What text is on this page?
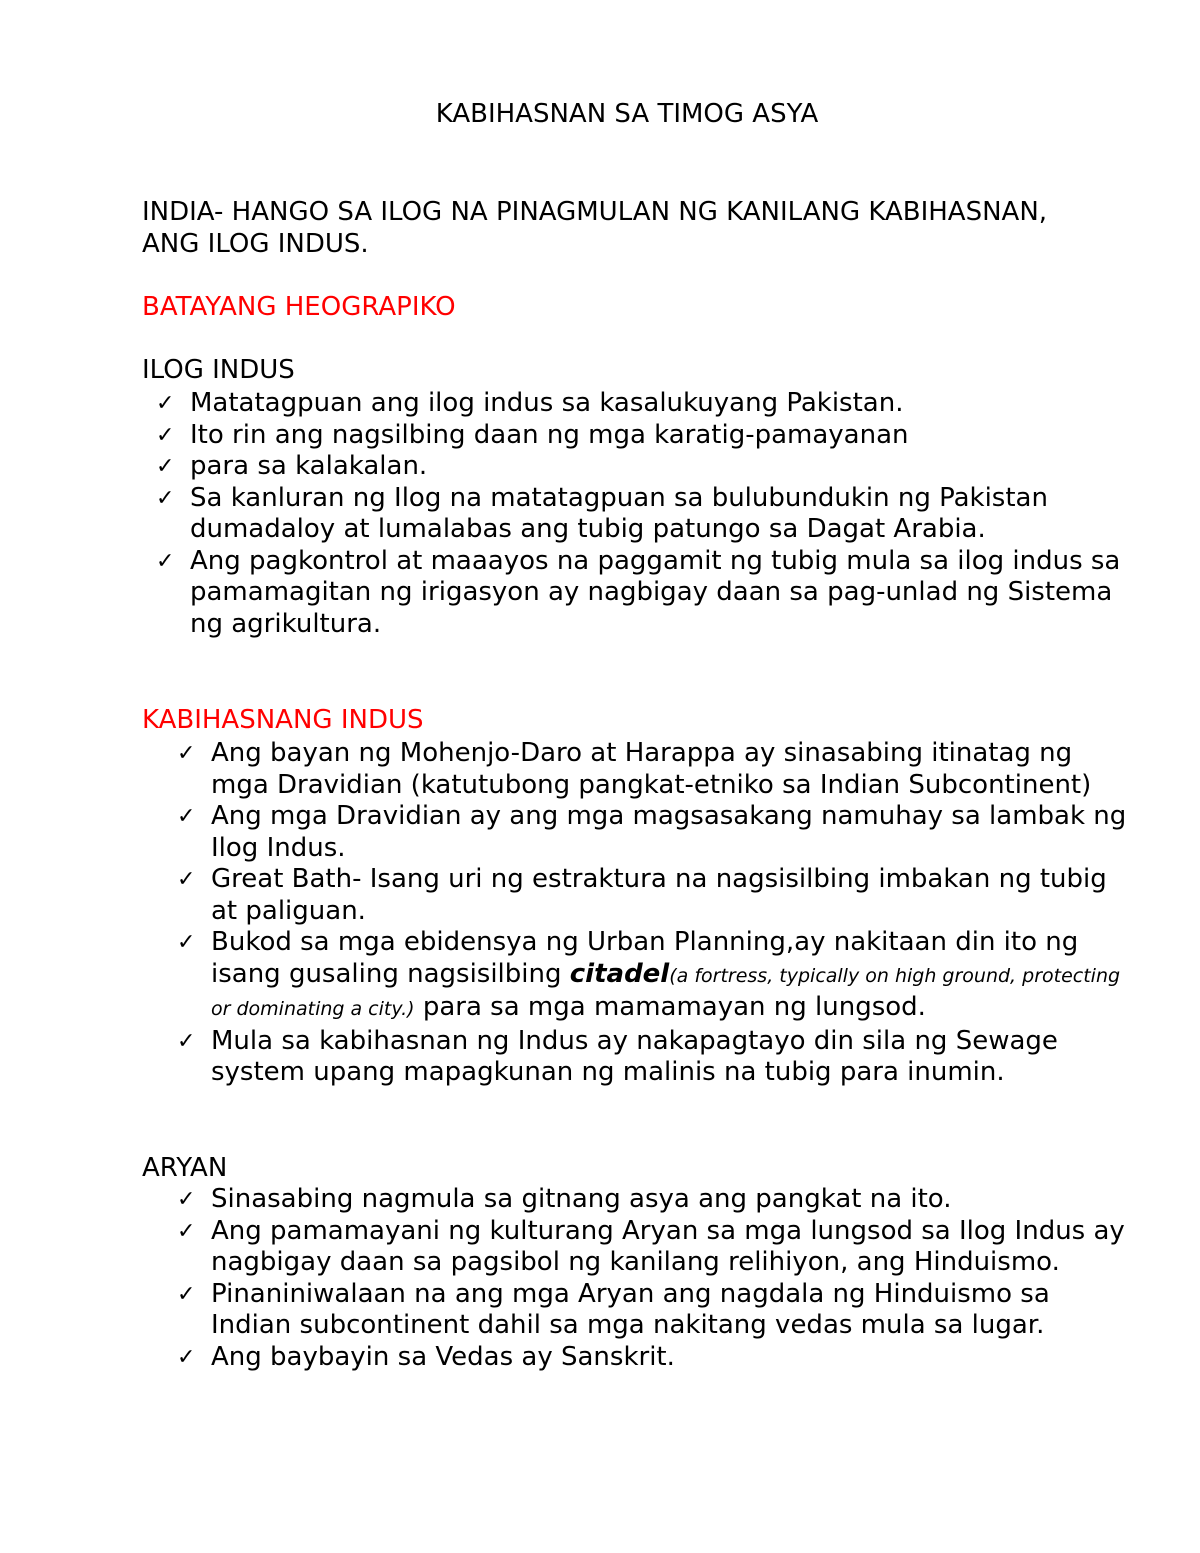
KABIHASNAN SA TIMOG ASYA
INDIA- HANGO SA ILOG NA PINAGMULAN NG KANILANG KABIHASNAN, ANG ILOG INDUS.
BATAYANG HEOGRAPIKO
ILOG INDUS
✓ Matatagpuan ang ilog indus sa kasalukuyang Pakistan.
✓ Ito rin ang nagsilbing daan ng mga karatig-pamayanan
✓ para sa kalakalan.
✓ Sa kanluran ng Ilog na matatagpuan sa bulubundukin ng Pakistan dumadaloy at lumalabas ang tubig patungo sa Dagat Arabia.
✓ Ang pagkontrol at maaayos na paggamit ng tubig mula sa ilog indus sa pamamagitan ng irigasyon ay nagbigay daan sa pag-unlad ng Sistema ng agrikultura.
KABIHASNANG INDUS
✓ Ang bayan ng Mohenjo-Daro at Harappa ay sinasabing itinatag ng mga Dravidian (katutubong pangkat-etniko sa Indian Subcontinent)
✓ Ang mga Dravidian ay ang mga magsasakang namuhay sa lambak ng Ilog Indus.
✓ Great Bath- Isang uri ng estraktura na nagsisilbing imbakan ng tubig at paliguan.
✓ Bukod sa mga ebidensya ng Urban Planning,ay nakitaan din ito ng isang gusaling nagsisilbing citadel(a fortress, typically on high ground, protecting or dominating a city.) para sa mga mamamayan ng lungsod.
✓ Mula sa kabihasnan ng Indus ay nakapagtayo din sila ng Sewage system upang mapagkunan ng malinis na tubig para inumin.
ARYAN
✓ Sinasabing nagmula sa gitnang asya ang pangkat na ito.
✓ Ang pamamayani ng kulturang Aryan sa mga lungsod sa Ilog Indus ay nagbigay daan sa pagsibol ng kanilang relihiyon, ang Hinduismo.
✓ Pinaniniwalaan na ang mga Aryan ang nagdala ng Hinduismo sa Indian subcontinent dahil sa mga nakitang vedas mula sa lugar.
✓ Ang baybayin sa Vedas ay Sanskrit.
